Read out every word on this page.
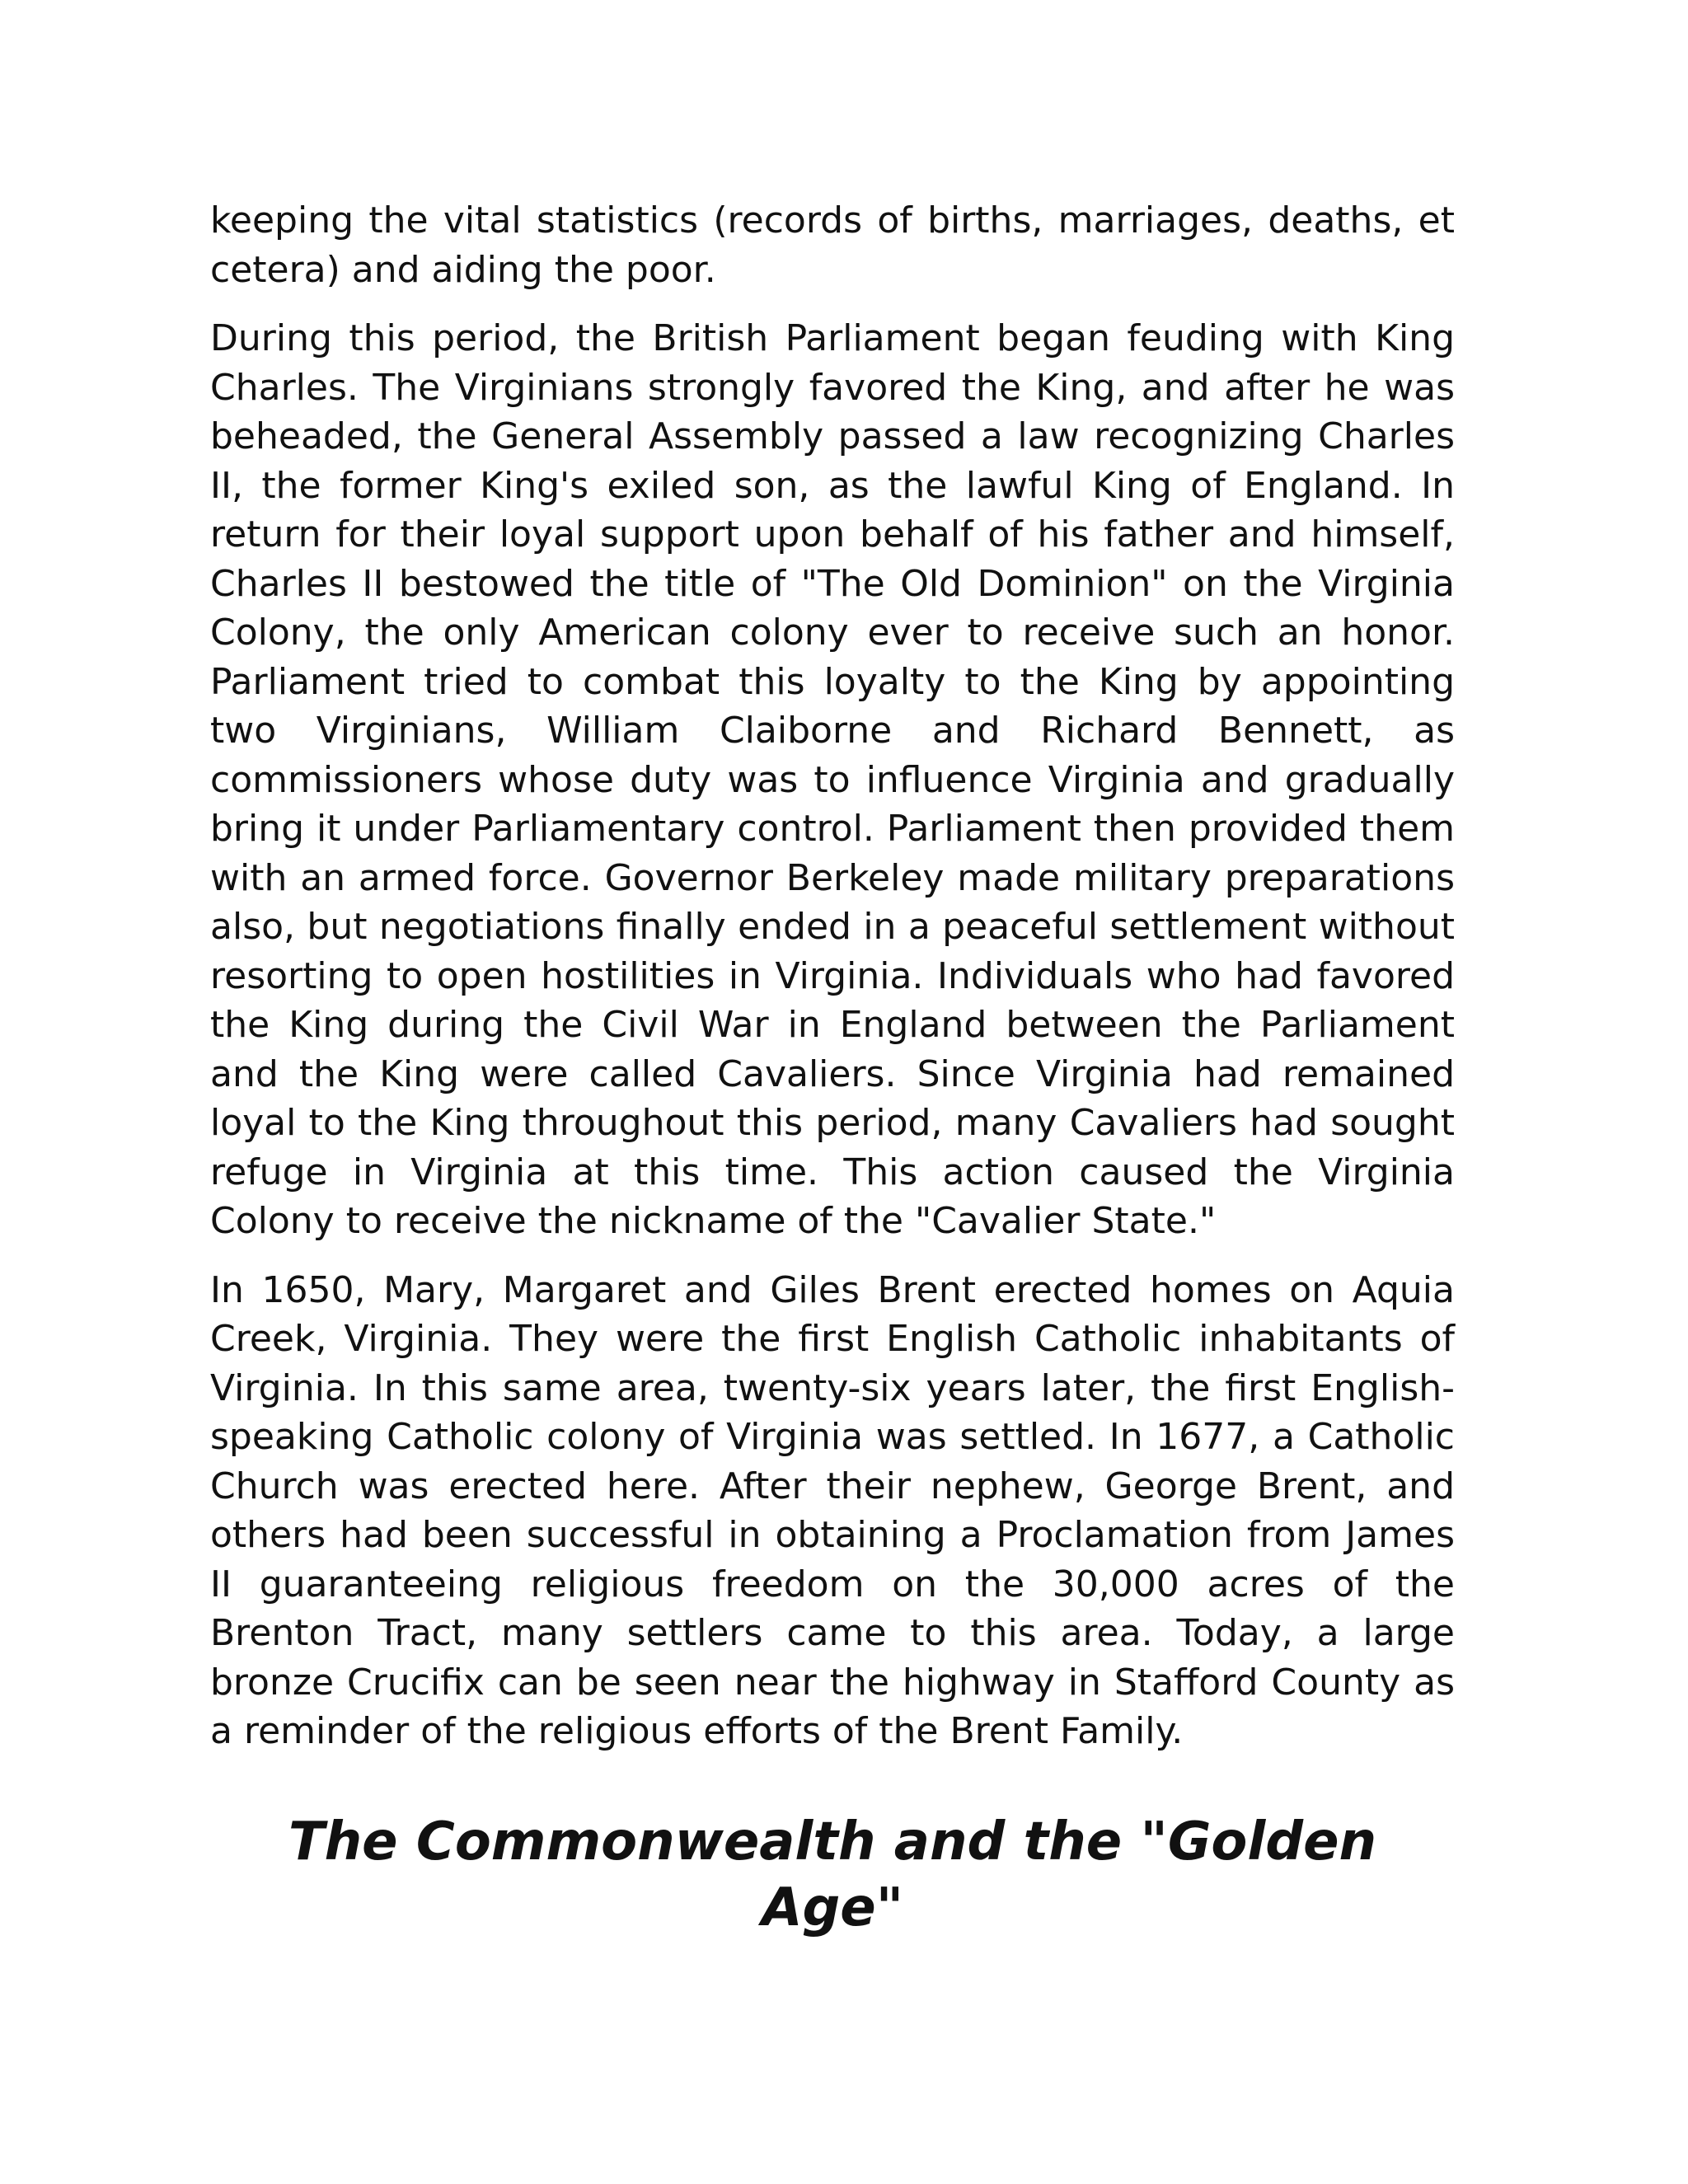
keeping the vital statistics (records of births, marriages, deaths, et cetera) and aiding the poor.

During this period, the British Parliament began feuding with King Charles. The Virginians strongly favored the King, and after he was beheaded, the General Assembly passed a law recognizing Charles II, the former King's exiled son, as the lawful King of England. In return for their loyal support upon behalf of his father and himself, Charles II bestowed the title of "The Old Dominion" on the Virginia Colony, the only American colony ever to receive such an honor. Parliament tried to combat this loyalty to the King by appointing two Virginians, William Claiborne and Richard Bennett, as commissioners whose duty was to influence Virginia and gradually bring it under Parliamentary control. Parliament then provided them with an armed force. Governor Berkeley made military preparations also, but negotiations finally ended in a peaceful settlement without resorting to open hostilities in Virginia. Individuals who had favored the King during the Civil War in England between the Parliament and the King were called Cavaliers. Since Virginia had remained loyal to the King throughout this period, many Cavaliers had sought refuge in Virginia at this time. This action caused the Virginia Colony to receive the nickname of the "Cavalier State."

In 1650, Mary, Margaret and Giles Brent erected homes on Aquia Creek, Virginia. They were the first English Catholic inhabitants of Virginia. In this same area, twenty-six years later, the first English-speaking Catholic colony of Virginia was settled. In 1677, a Catholic Church was erected here. After their nephew, George Brent, and others had been successful in obtaining a Proclamation from James II guaranteeing religious freedom on the 30,000 acres of the Brenton Tract, many settlers came to this area. Today, a large bronze Crucifix can be seen near the highway in Stafford County as a reminder of the religious efforts of the Brent Family.

The Commonwealth and the "Golden Age"
